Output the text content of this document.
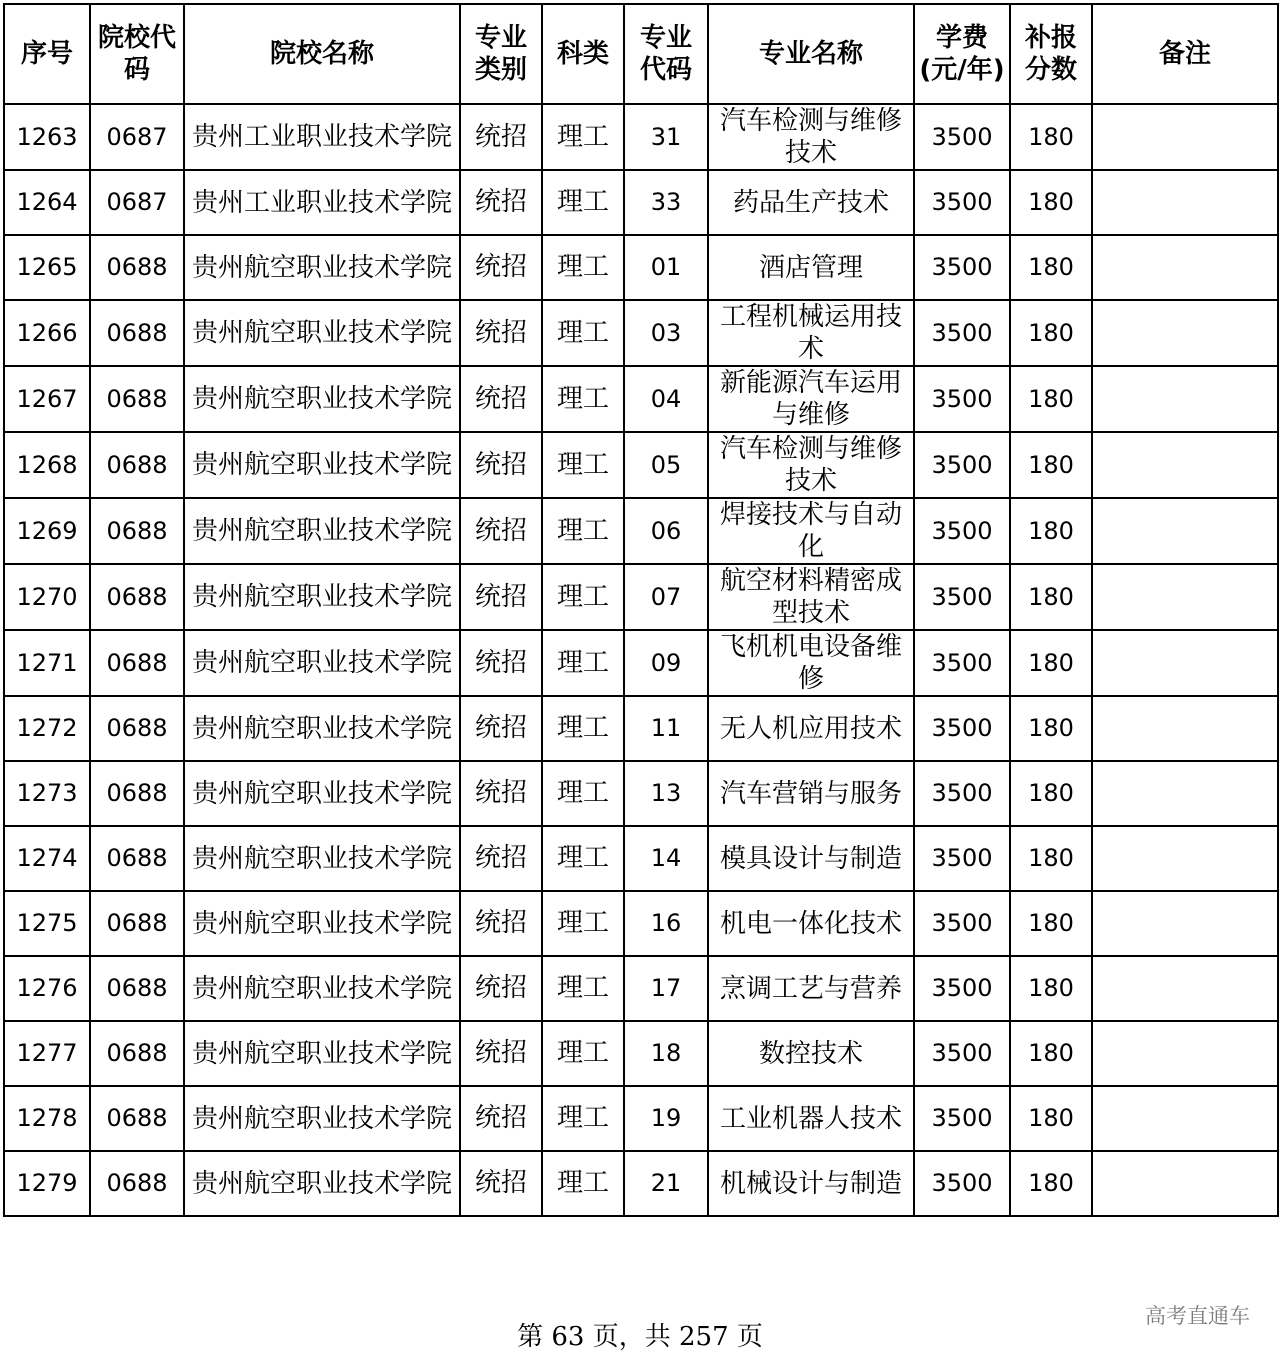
序号	院校代码	院校名称	专业类别	科类	专业代码	专业名称	学费(元/年)	补报分数	备注
1263	0687	贵州工业职业技术学院	统招	理工	31	汽车检测与维修技术	3500	180	
1264	0687	贵州工业职业技术学院	统招	理工	33	药品生产技术	3500	180	
1265	0688	贵州航空职业技术学院	统招	理工	01	酒店管理	3500	180	
1266	0688	贵州航空职业技术学院	统招	理工	03	工程机械运用技术	3500	180	
1267	0688	贵州航空职业技术学院	统招	理工	04	新能源汽车运用与维修	3500	180	
1268	0688	贵州航空职业技术学院	统招	理工	05	汽车检测与维修技术	3500	180	
1269	0688	贵州航空职业技术学院	统招	理工	06	焊接技术与自动化	3500	180	
1270	0688	贵州航空职业技术学院	统招	理工	07	航空材料精密成型技术	3500	180	
1271	0688	贵州航空职业技术学院	统招	理工	09	飞机机电设备维修	3500	180	
1272	0688	贵州航空职业技术学院	统招	理工	11	无人机应用技术	3500	180	
1273	0688	贵州航空职业技术学院	统招	理工	13	汽车营销与服务	3500	180	
1274	0688	贵州航空职业技术学院	统招	理工	14	模具设计与制造	3500	180	
1275	0688	贵州航空职业技术学院	统招	理工	16	机电一体化技术	3500	180	
1276	0688	贵州航空职业技术学院	统招	理工	17	烹调工艺与营养	3500	180	
1277	0688	贵州航空职业技术学院	统招	理工	18	数控技术	3500	180	
1278	0688	贵州航空职业技术学院	统招	理工	19	工业机器人技术	3500	180	
1279	0688	贵州航空职业技术学院	统招	理工	21	机械设计与制造	3500	180	
第 63 页，共 257 页
高考直通车
